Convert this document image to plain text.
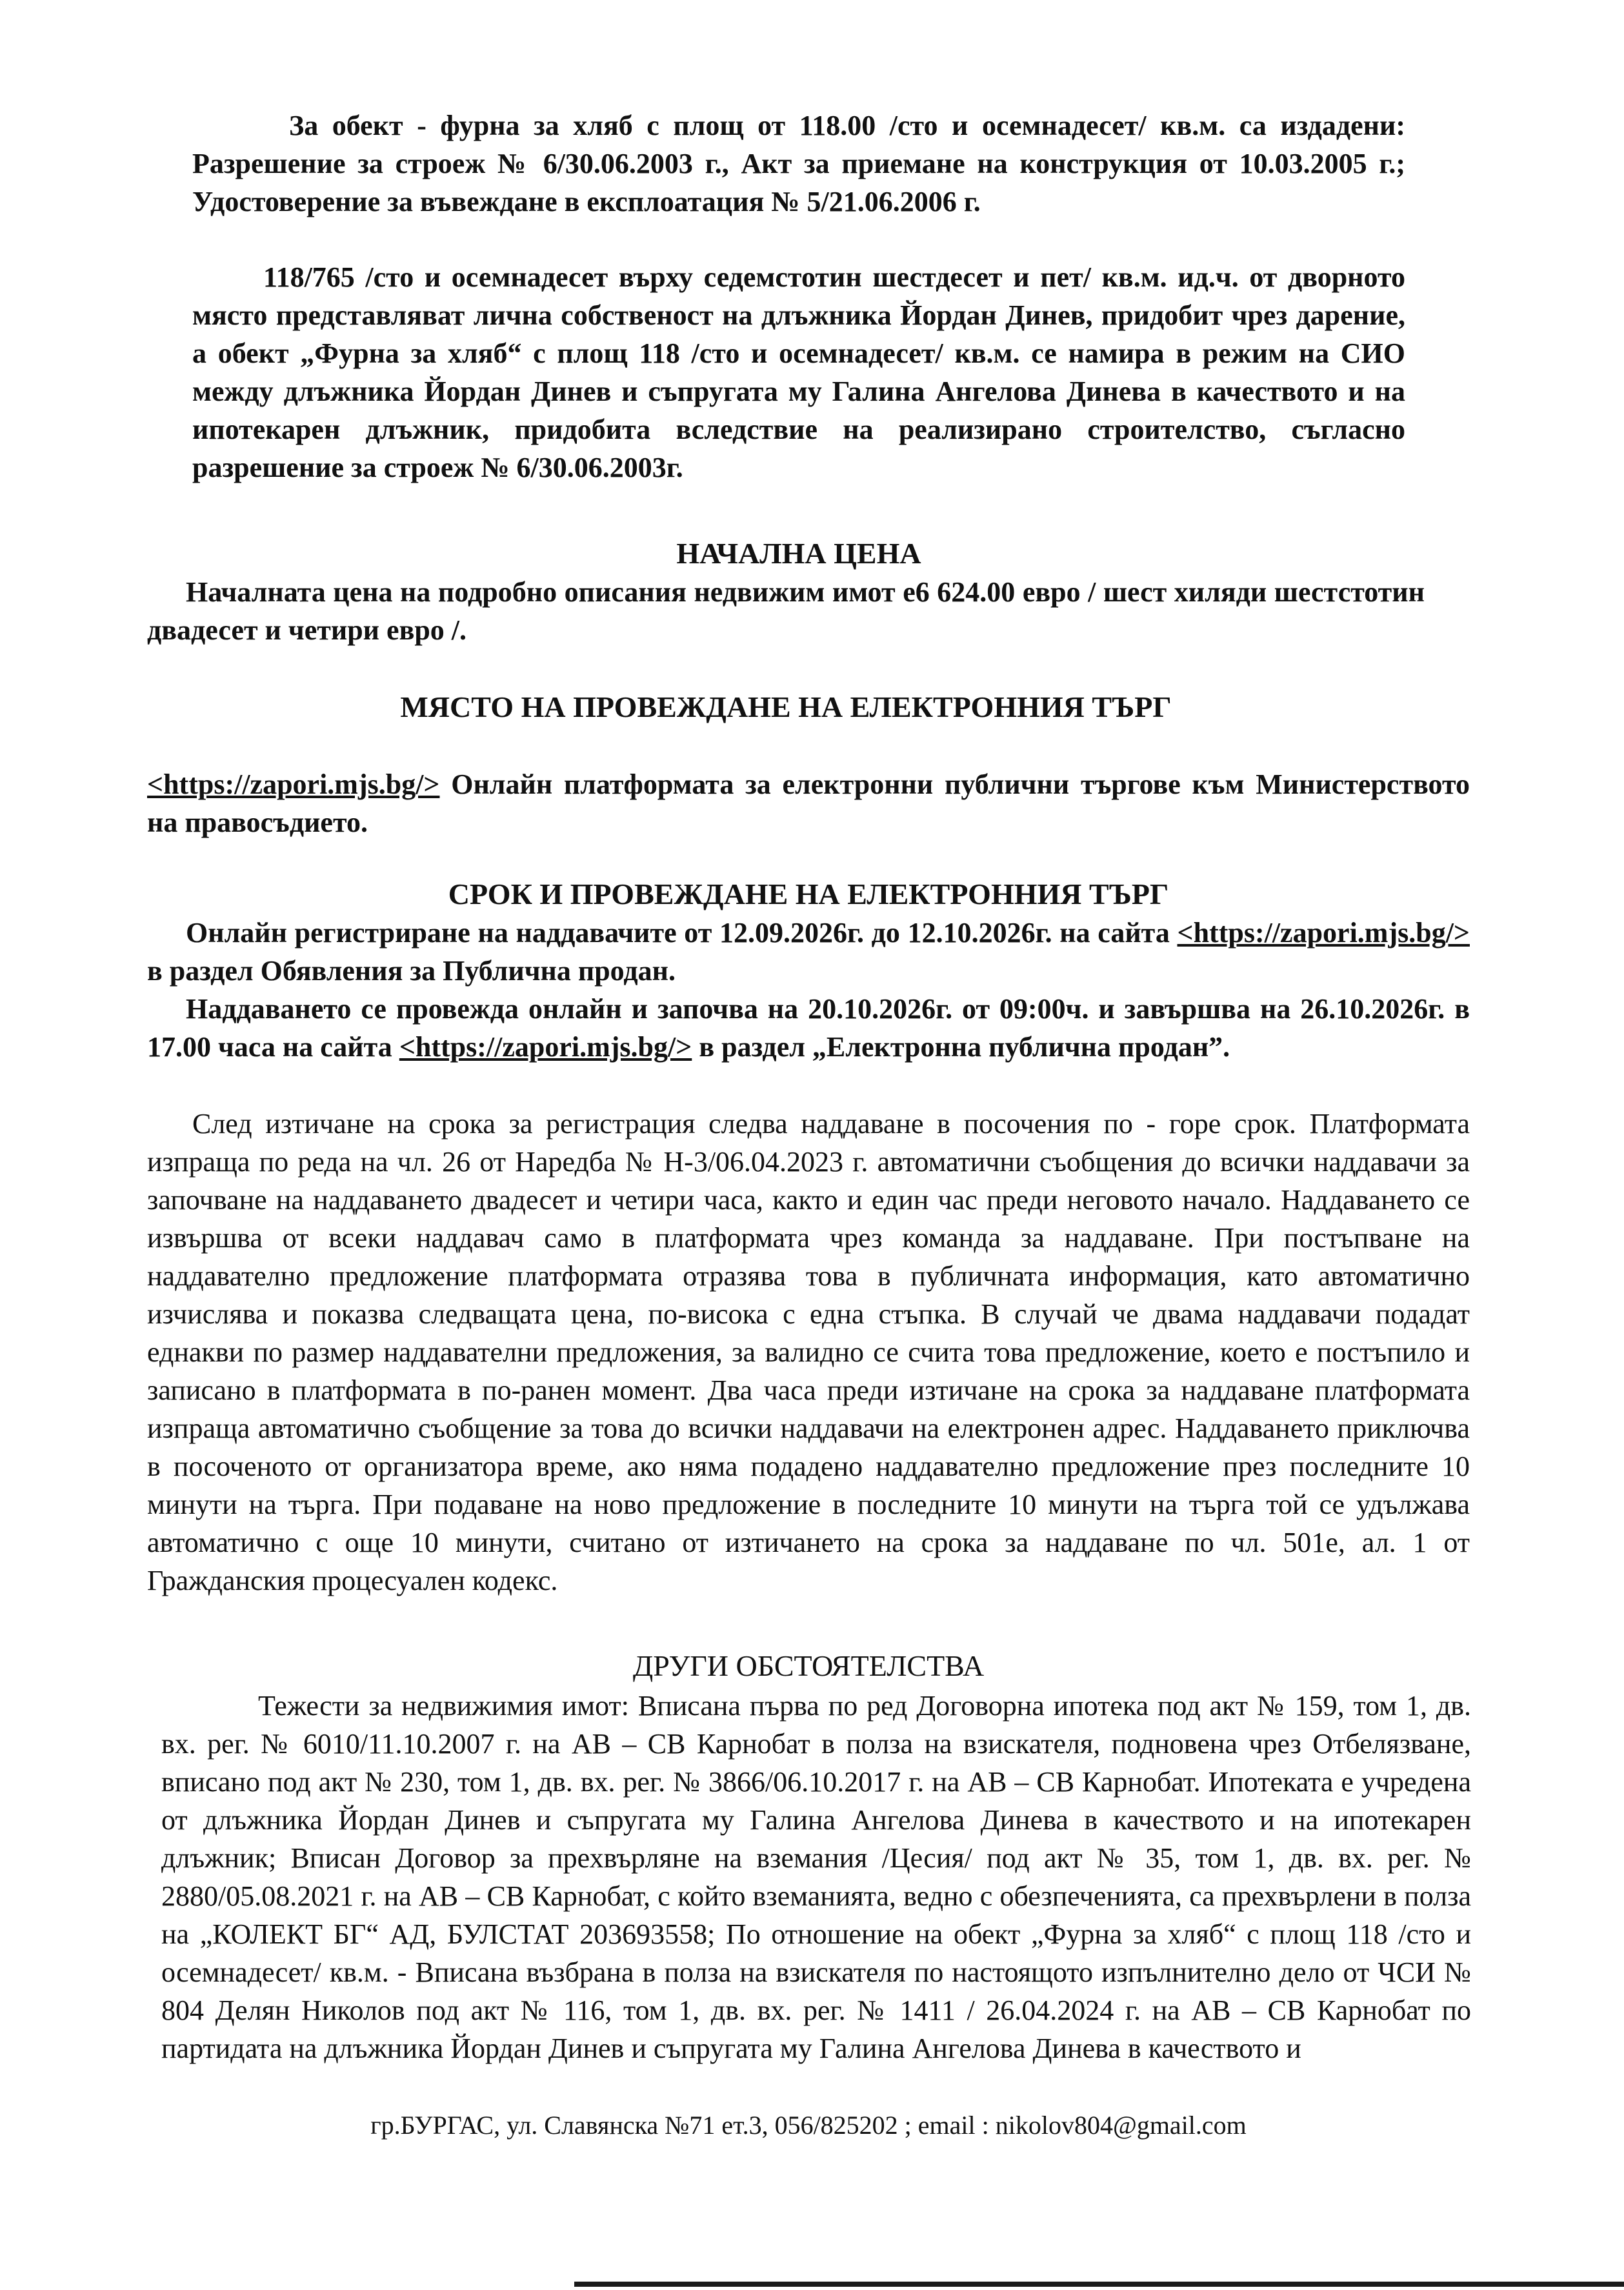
За обект - фурна за хляб с площ от 118.00 /сто и осемнадесет/ кв.м. са издадени: Разрешение за строеж № 6/30.06.2003 г., Акт за приемане на конструкция от 10.03.2005 г.; Удостоверение за въвеждане в експлоатация № 5/21.06.2006 г.

118/765 /сто и осемнадесет върху седемстотин шестдесет и пет/ кв.м. ид.ч. от дворното място представляват лична собственост на длъжника Йордан Динев, придобит чрез дарение, а обект „Фурна за хляб“ с площ 118 /сто и осемнадесет/ кв.м. се намира в режим на СИО между длъжника Йордан Динев и съпругата му Галина Ангелова Динева в качеството и на ипотекарен длъжник, придобита вследствие на реализирано строителство, съгласно разрешение за строеж № 6/30.06.2003г.

НАЧАЛНА ЦЕНА

Началната цена на подробно описания недвижим имот е6 624.00 евро / шест хиляди шестстотин двадесет и четири евро /.

МЯСТО НА ПРОВЕЖДАНЕ НА ЕЛЕКТРОННИЯ ТЪРГ

<https://zapori.mjs.bg/> Онлайн платформата за електронни публични търгове към Министерството на правосъдието.

СРОК И ПРОВЕЖДАНЕ НА ЕЛЕКТРОННИЯ ТЪРГ

Онлайн регистриране на наддавачите от 12.09.2026г. до 12.10.2026г. на сайта <https://zapori.mjs.bg/> в раздел Обявления за Публична продан.

Наддаването се провежда онлайн и започва на 20.10.2026г. от 09:00ч. и завършва на 26.10.2026г. в 17.00 часа на сайта <https://zapori.mjs.bg/> в раздел „Електронна публична продан”.

След изтичане на срока за регистрация следва наддаване в посочения по - горе срок. Платформата изпраща по реда на чл. 26 от Наредба № Н-3/06.04.2023 г. автоматични съобщения до всички наддавачи за започване на наддаването двадесет и четири часа, както и един час преди неговото начало. Наддаването се извършва от всеки наддавач само в платформата чрез команда за наддаване. При постъпване на наддавателно предложение платформата отразява това в публичната информация, като автоматично изчислява и показва следващата цена, по-висока с една стъпка. В случай че двама наддавачи подадат еднакви по размер наддавателни предложения, за валидно се счита това предложение, което е постъпило и записано в платформата в по-ранен момент. Два часа преди изтичане на срока за наддаване платформата изпраща автоматично съобщение за това до всички наддавачи на електронен адрес. Наддаването приключва в посоченото от организатора време, ако няма подадено наддавателно предложение през последните 10 минути на търга. При подаване на ново предложение в последните 10 минути на търга той се удължава автоматично с още 10 минути, считано от изтичането на срока за наддаване по чл. 501е, ал. 1 от Гражданския процесуален кодекс.

ДРУГИ ОБСТОЯТЕЛСТВА

Тежести за недвижимия имот: Вписана първа по ред Договорна ипотека под акт № 159, том 1, дв. вх. рег. № 6010/11.10.2007 г. на АВ – СВ Карнобат в полза на взискателя, подновена чрез Отбелязване, вписано под акт № 230, том 1, дв. вх. рег. № 3866/06.10.2017 г. на АВ – СВ Карнобат. Ипотеката е учредена от длъжника Йордан Динев и съпругата му Галина Ангелова Динева в качеството и на ипотекарен длъжник; Вписан Договор за прехвърляне на вземания /Цесия/ под акт № 35, том 1, дв. вх. рег. № 2880/05.08.2021 г. на АВ – СВ Карнобат, с който вземанията, ведно с обезпеченията, са прехвърлени в полза на „КОЛЕКТ БГ“ АД, БУЛСТАТ 203693558; По отношение на обект „Фурна за хляб“ с площ 118 /сто и осемнадесет/ кв.м. - Вписана възбрана в полза на взискателя по настоящото изпълнително дело от ЧСИ № 804 Делян Николов под акт № 116, том 1, дв. вх. рег. № 1411 / 26.04.2024 г. на АВ – СВ Карнобат по партидата на длъжника Йордан Динев и съпругата му Галина Ангелова Динева в качеството и

гр.БУРГАС, ул. Славянска №71 ет.3, 056/825202 ; email : nikolov804@gmail.com
